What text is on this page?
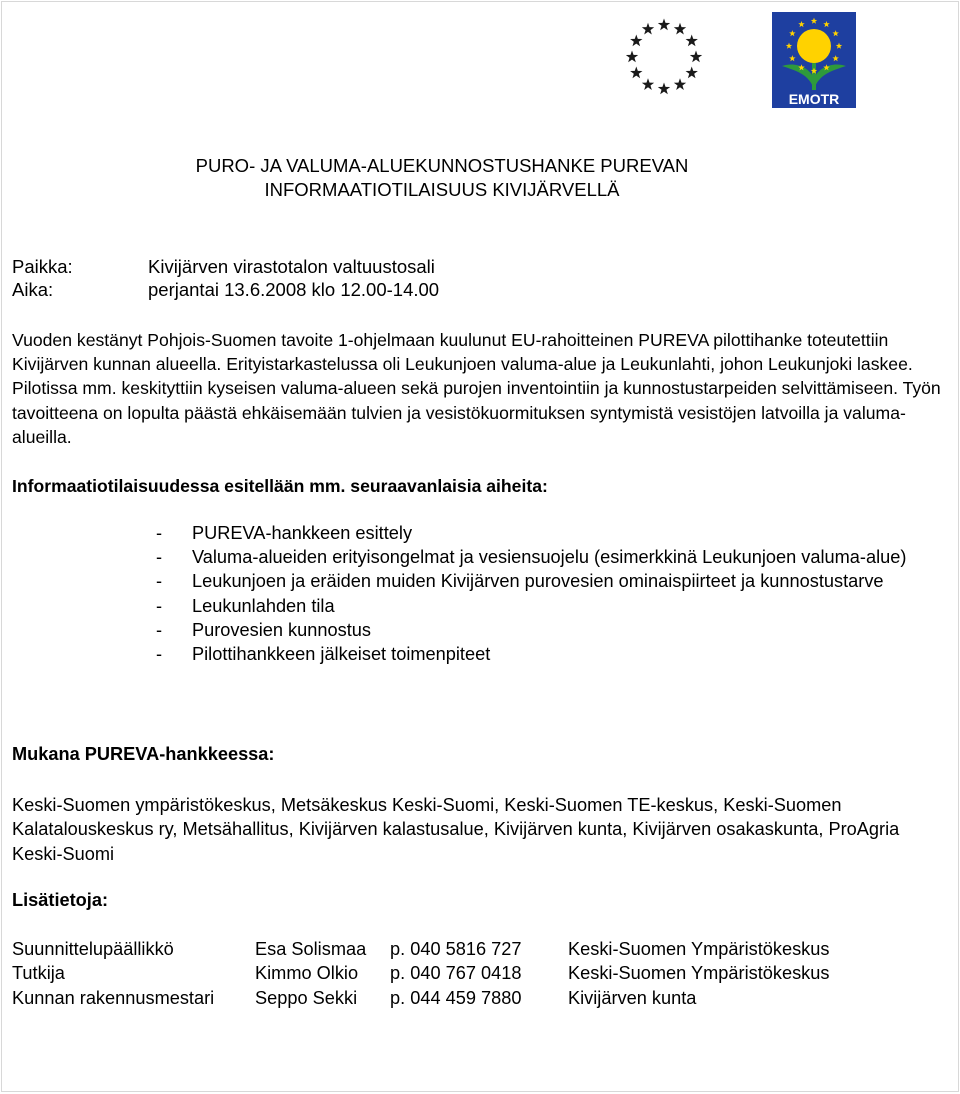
EMOTR
PURO- JA VALUMA-ALUEKUNNOSTUSHANKE PUREVAN
INFORMAATIOTILAISUUS KIVIJÄRVELLÄ
Paikka:	Kivijärven virastotalon valtuustosali
Aika:	perjantai 13.6.2008 klo 12.00-14.00
Vuoden kestänyt Pohjois-Suomen tavoite 1-ohjelmaan kuulunut EU-rahoitteinen PUREVA pilottihanke toteutettiin Kivijärven kunnan alueella. Erityistarkastelussa oli Leukunjoen valuma-alue ja Leukunlahti, johon Leukunjoki laskee. Pilotissa mm. keskityttiin kyseisen valuma-alueen sekä purojen inventointiin ja kunnostustarpeiden selvittämiseen. Työn tavoitteena on lopulta päästä ehkäisemään tulvien ja vesistökuormituksen syntymistä vesistöjen latvoilla ja valuma-alueilla.
Informaatiotilaisuudessa esitellään mm. seuraavanlaisia aiheita:
-	PUREVA-hankkeen esittely
-	Valuma-alueiden erityisongelmat ja vesiensuojelu (esimerkkinä Leukunjoen valuma-alue)
-	Leukunjoen ja eräiden muiden Kivijärven purovesien ominaispiirteet ja kunnostustarve
-	Leukunlahden tila
-	Purovesien kunnostus
-	Pilottihankkeen jälkeiset toimenpiteet
Mukana PUREVA-hankkeessa:
Keski-Suomen ympäristökeskus, Metsäkeskus Keski-Suomi, Keski-Suomen TE-keskus, Keski-Suomen Kalatalouskeskus ry, Metsähallitus, Kivijärven kalastusalue, Kivijärven kunta, Kivijärven osakaskunta, ProAgria Keski-Suomi
Lisätietoja:
Suunnittelupäällikkö	Esa Solismaa	p. 040 5816 727	Keski-Suomen Ympäristökeskus
Tutkija	Kimmo Olkio	p. 040 767 0418	Keski-Suomen Ympäristökeskus
Kunnan rakennusmestari	Seppo Sekki	p. 044 459 7880	Kivijärven kunta
